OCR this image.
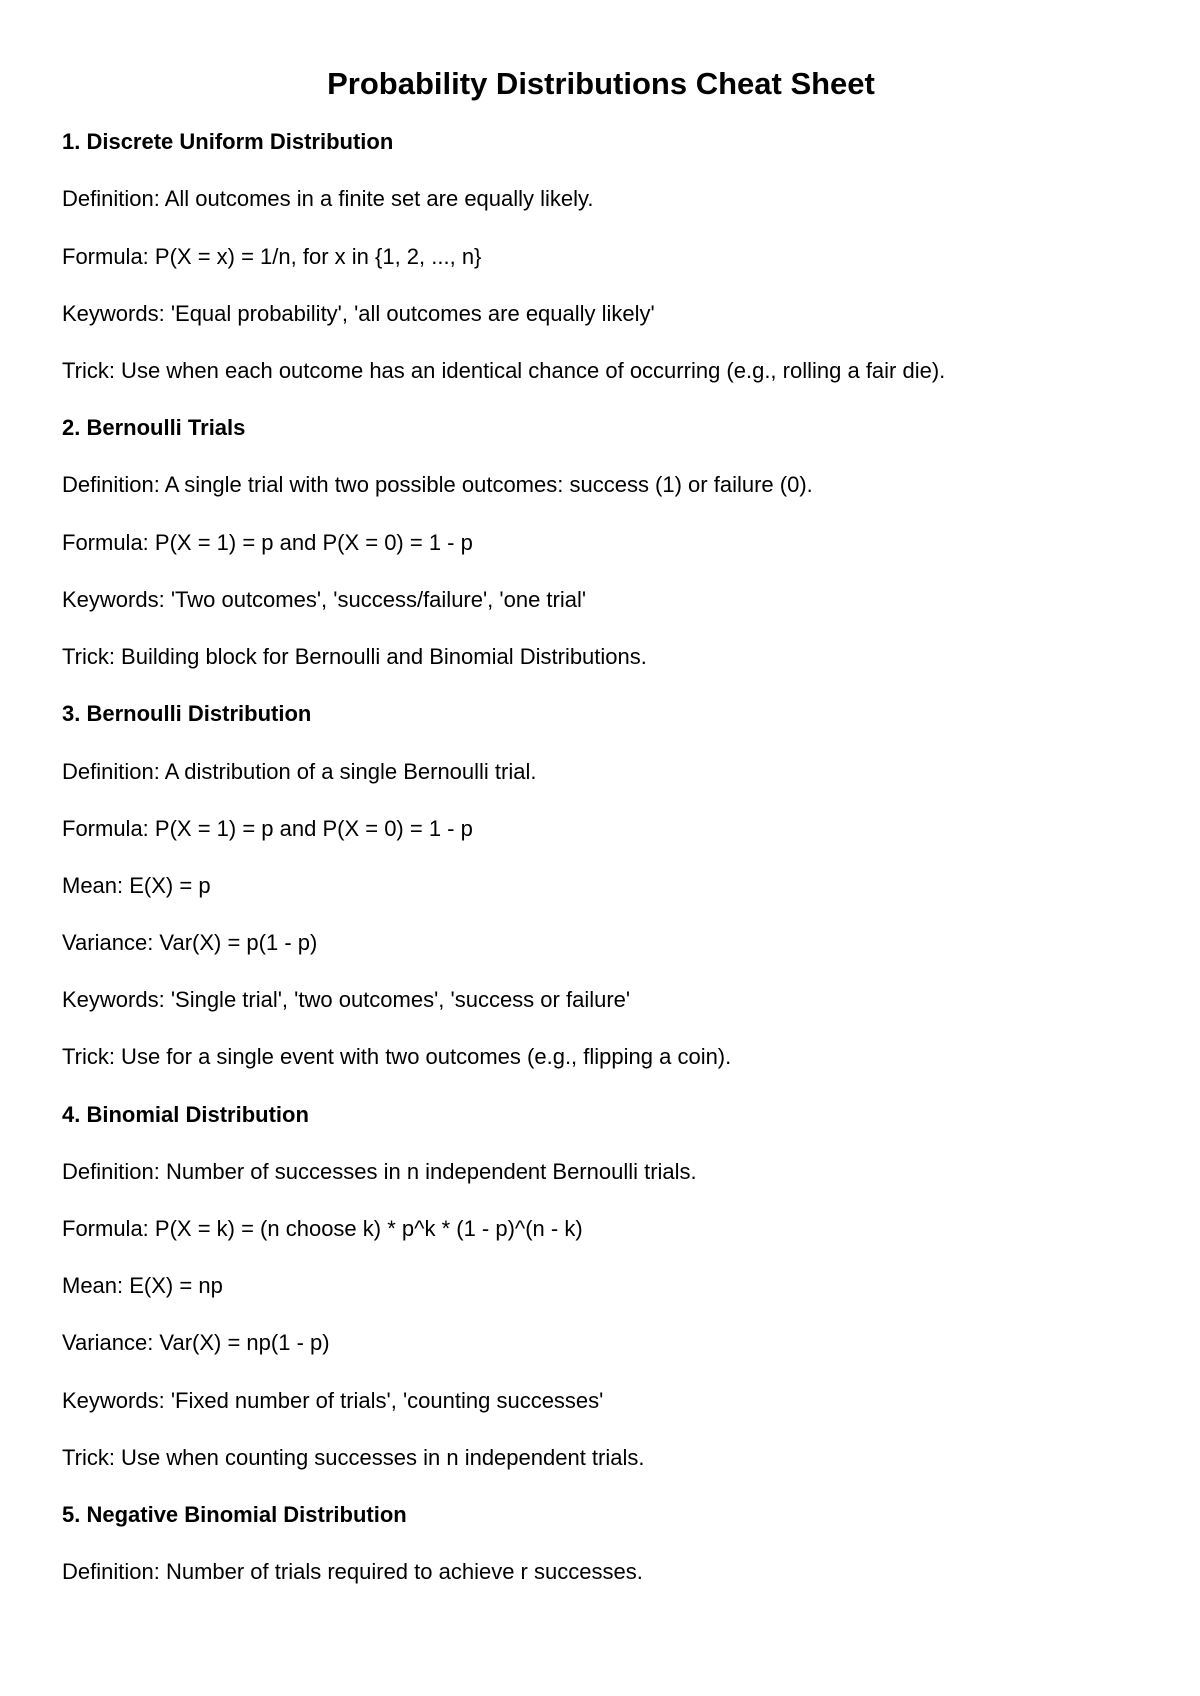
Probability Distributions Cheat Sheet
1. Discrete Uniform Distribution
Definition: All outcomes in a finite set are equally likely.
Formula: P(X = x) = 1/n, for x in {1, 2, ..., n}
Keywords: 'Equal probability', 'all outcomes are equally likely'
Trick: Use when each outcome has an identical chance of occurring (e.g., rolling a fair die).
2. Bernoulli Trials
Definition: A single trial with two possible outcomes: success (1) or failure (0).
Formula: P(X = 1) = p and P(X = 0) = 1 - p
Keywords: 'Two outcomes', 'success/failure', 'one trial'
Trick: Building block for Bernoulli and Binomial Distributions.
3. Bernoulli Distribution
Definition: A distribution of a single Bernoulli trial.
Formula: P(X = 1) = p and P(X = 0) = 1 - p
Mean: E(X) = p
Variance: Var(X) = p(1 - p)
Keywords: 'Single trial', 'two outcomes', 'success or failure'
Trick: Use for a single event with two outcomes (e.g., flipping a coin).
4. Binomial Distribution
Definition: Number of successes in n independent Bernoulli trials.
Formula: P(X = k) = (n choose k) * p^k * (1 - p)^(n - k)
Mean: E(X) = np
Variance: Var(X) = np(1 - p)
Keywords: 'Fixed number of trials', 'counting successes'
Trick: Use when counting successes in n independent trials.
5. Negative Binomial Distribution
Definition: Number of trials required to achieve r successes.
